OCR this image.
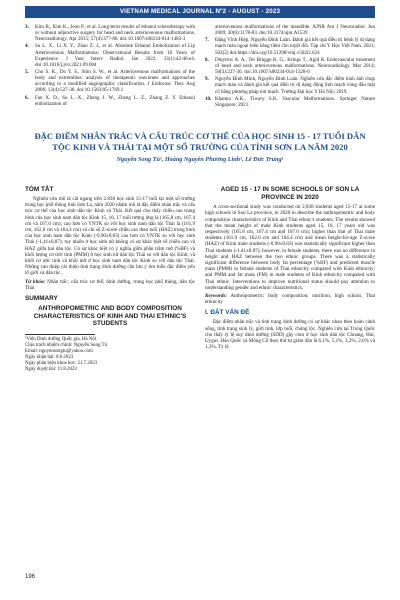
VIETNAM MEDICAL JOURNAL Nº2 - AUGUST - 2023
3.	Kim B., Kim K., Jeon P., et al. Long-term results of ethanol sclerotherapy with or without adjunctive surgery for head and neck arteriovenous malformations. Neuroradiology. Apr 2015; 57(4):377-86. doi:10.1007/s00234-014-1483-3
4.	Su L. X., Li X. Y., Zhao Z. J., et al. Absolute Ethanol Embolization of Lip Arteriovenous Malformations: Observational Results from 10 Years of Experience. J Vasc Interv Radiol. Jan 2022; 33(1):42-48.e4. doi:10.1016/j.jvir.2021.09.004
5.	Cho S. K., Do Y. S., Shin S. W., et al. Arteriovenous malformations of the body and extremities: analysis of therapeutic outcomes and approaches according to a modified angiographic classification. J Endovasc Ther. Aug 2006; 13(4):527-38. doi:10.1583/05-1769.1
6.	Fan X. D., Su L. X., Zheng J. W., Zheng L. Z., Zhang Z. Y. Ethanol embolization of
arteriovenous malformations of the mandible. AJNR Am J Neuroradiol. Jun 2009; 30(6):1178-83. doi:10.3174/ajnr.A1539
7.	Đặng Vĩnh Hiệp, Nguyễn Đình Luân. Đánh giá kết quả điều trị bệnh lý dị dạng mạch máu ngoại biên bằng tiêm cồn tuyệt đối. Tạp chí Y Học Việt Nam. 2021; 502(2) doi:https://doi.org/10.51298/vmj.v502i2.624
8.	Dmytriw A. A., Ter Brugge K. G., Krings T., Agid R. Endovascular treatment of head and neck arteriovenous malformations. Neuroradiology. Mar 2014; 56(3):227-36. doi:10.1007/s00234-014-1328-0
9.	Nguyễn Đình Minh, Nguyễn Đình Luân. Nghiên cứu đặc điểm hình ảnh chụp mạch máu và đánh giá kết quả điều trị dị dạng động tĩnh mạch vùng đầu mặt cổ bằng phương pháp nút mạch. Trường Đại học Y Hà Nội; 2019.
10. Khanna A.K., Tiwary S.K. Vascular Malformations. Springer Nature Singapore; 2021.

ĐẶC ĐIỂM NHÂN TRẮC VÀ CẤU TRÚC CƠ THỂ CỦA HỌC SINH 15 - 17 TUỔI DÂN TỘC KINH VÀ THÁI TẠI MỘT SỐ TRƯỜNG CỦA TỈNH SƠN LA NĂM 2020

Nguyễn Song Tú¹, Hoàng Nguyễn Phương Linh¹, Lê Đức Trung¹
TÓM TẮT

Nghiên cứu mô tả cắt ngang trên 2.838 học sinh 15-17 tuổi tại một số trường trung học phổ thông tỉnh Sơn La, năm 2020 nhằm mô tả đặc điểm nhân trắc và cấu trúc cơ thể của học sinh dân tộc Kinh và Thái. Kết quả cho thấy chiều cao trung bình của học sinh nam dân tộc Kinh 15, 16, 17 tuổi tương ứng là (165,8 cm, 167,4 cm và 167,0 cm); cao hơn có YNTK so với học sinh nam dân tộc Thái là (161,9 cm, 162,0 cm và 164,4 cm) và chỉ số Z-score chiều cao theo tuổi (HAZ) trung bình của học sinh nam dân tộc Kinh (-0,90±0,83) cao hơn có YNTK so với học sinh Thái (-1,41±0,87); tuy nhiên ở học sinh nữ không có sự khác biệt về chiều cao và HAZ giữa hai dân tộc. Có sự khác biệt có ý nghĩa giữa phần trăm mỡ (%BF) và khối lượng cơ ước tính (PMM) ở học sinh nữ dân tộc Thái so với dân tộc Kinh; và khối cơ ước tính và khối mỡ ở học sinh nam dân tộc Kinh so với dân tộc Thái. Những can thiệp cải thiện tình trạng dinh dưỡng cần lưu ý tìm hiểu đặc điểm yếu tố giới và dân tộc.

Từ khóa: Nhân trắc; cấu trúc cơ thể; dinh dưỡng, trung học phổ thông, dân tộc Thái

SUMMARY
ANTHROPOMETRIC AND BODY COMPOSITION CHARACTERISTICS OF KINH AND THAI ETHNIC'S STUDENTS

¹Viện Dinh dưỡng Quốc gia, Hà Nội

Chịu trách nhiệm chính: Nguyễn Song Tú

Email: nguyensongtu@yahoo.com

Ngày nhận bài: 8.6.2023

Ngày phản biện khoa học: 21.7.2023

Ngày duyệt bài: 11.8.2023

AGED 15 - 17 IN SOME SCHOOLS OF SON LA PROVINCE IN 2020

A cross-sectional study was conducted on 2,838 students aged 15-17 at some high schools in Son La province, in 2020 to describe the anthropometric and body composition characteristics of Kinh and Thai ethnic's students. The results showed that the mean height of male Kinh students aged 15, 16, 17 years old was respectively (165.8 cm, 167.4 cm and 167.0 cm); higher than that of Thai male students (161.9 cm, 162.0 cm and 164.4 cm) and mean height-for-age Z-score (HAZ) of Kinh male students (-0.90±0.83) was statistically significant higher than Thai students (-1.41±0.87); however, in female students, there was no difference in height and HAZ between the two ethnic groups. There was a statistically significant difference between body fat percentage (%BF) and predicted muscle mass (PMM) in female students of Thai ethnicity compared with Kinh ethnicity; and PMM and fat mass (FM) in male students of Kinh ethnicity compared with Thai ethnic. Interventions to improve nutritional status should pay attention to understanding gender and ethnic characteristics.

Keywords: Anthropometric; body composition; nutrition, high school, Thai ethnicity

I. ĐẶT VẤN ĐỀ

Đặc điểm nhân trắc và tình trạng dinh dưỡng có sự khác nhau theo hoàn cảnh sống, tình trạng sinh lý, giới tính, lớp tuổi, chủng tộc. Nghiên cứu tại Trung Quốc cho thấy tỷ lệ suy dinh dưỡng (SDD) gầy còm ở học sinh dân tộc Choang, Hui, Uygur, Hán Quốc và Mông Cổ theo thứ tự giảm dần là 6,1%, 5,1%, 3,2%, 2,6% và 1,3%. Tỷ lệ

196
